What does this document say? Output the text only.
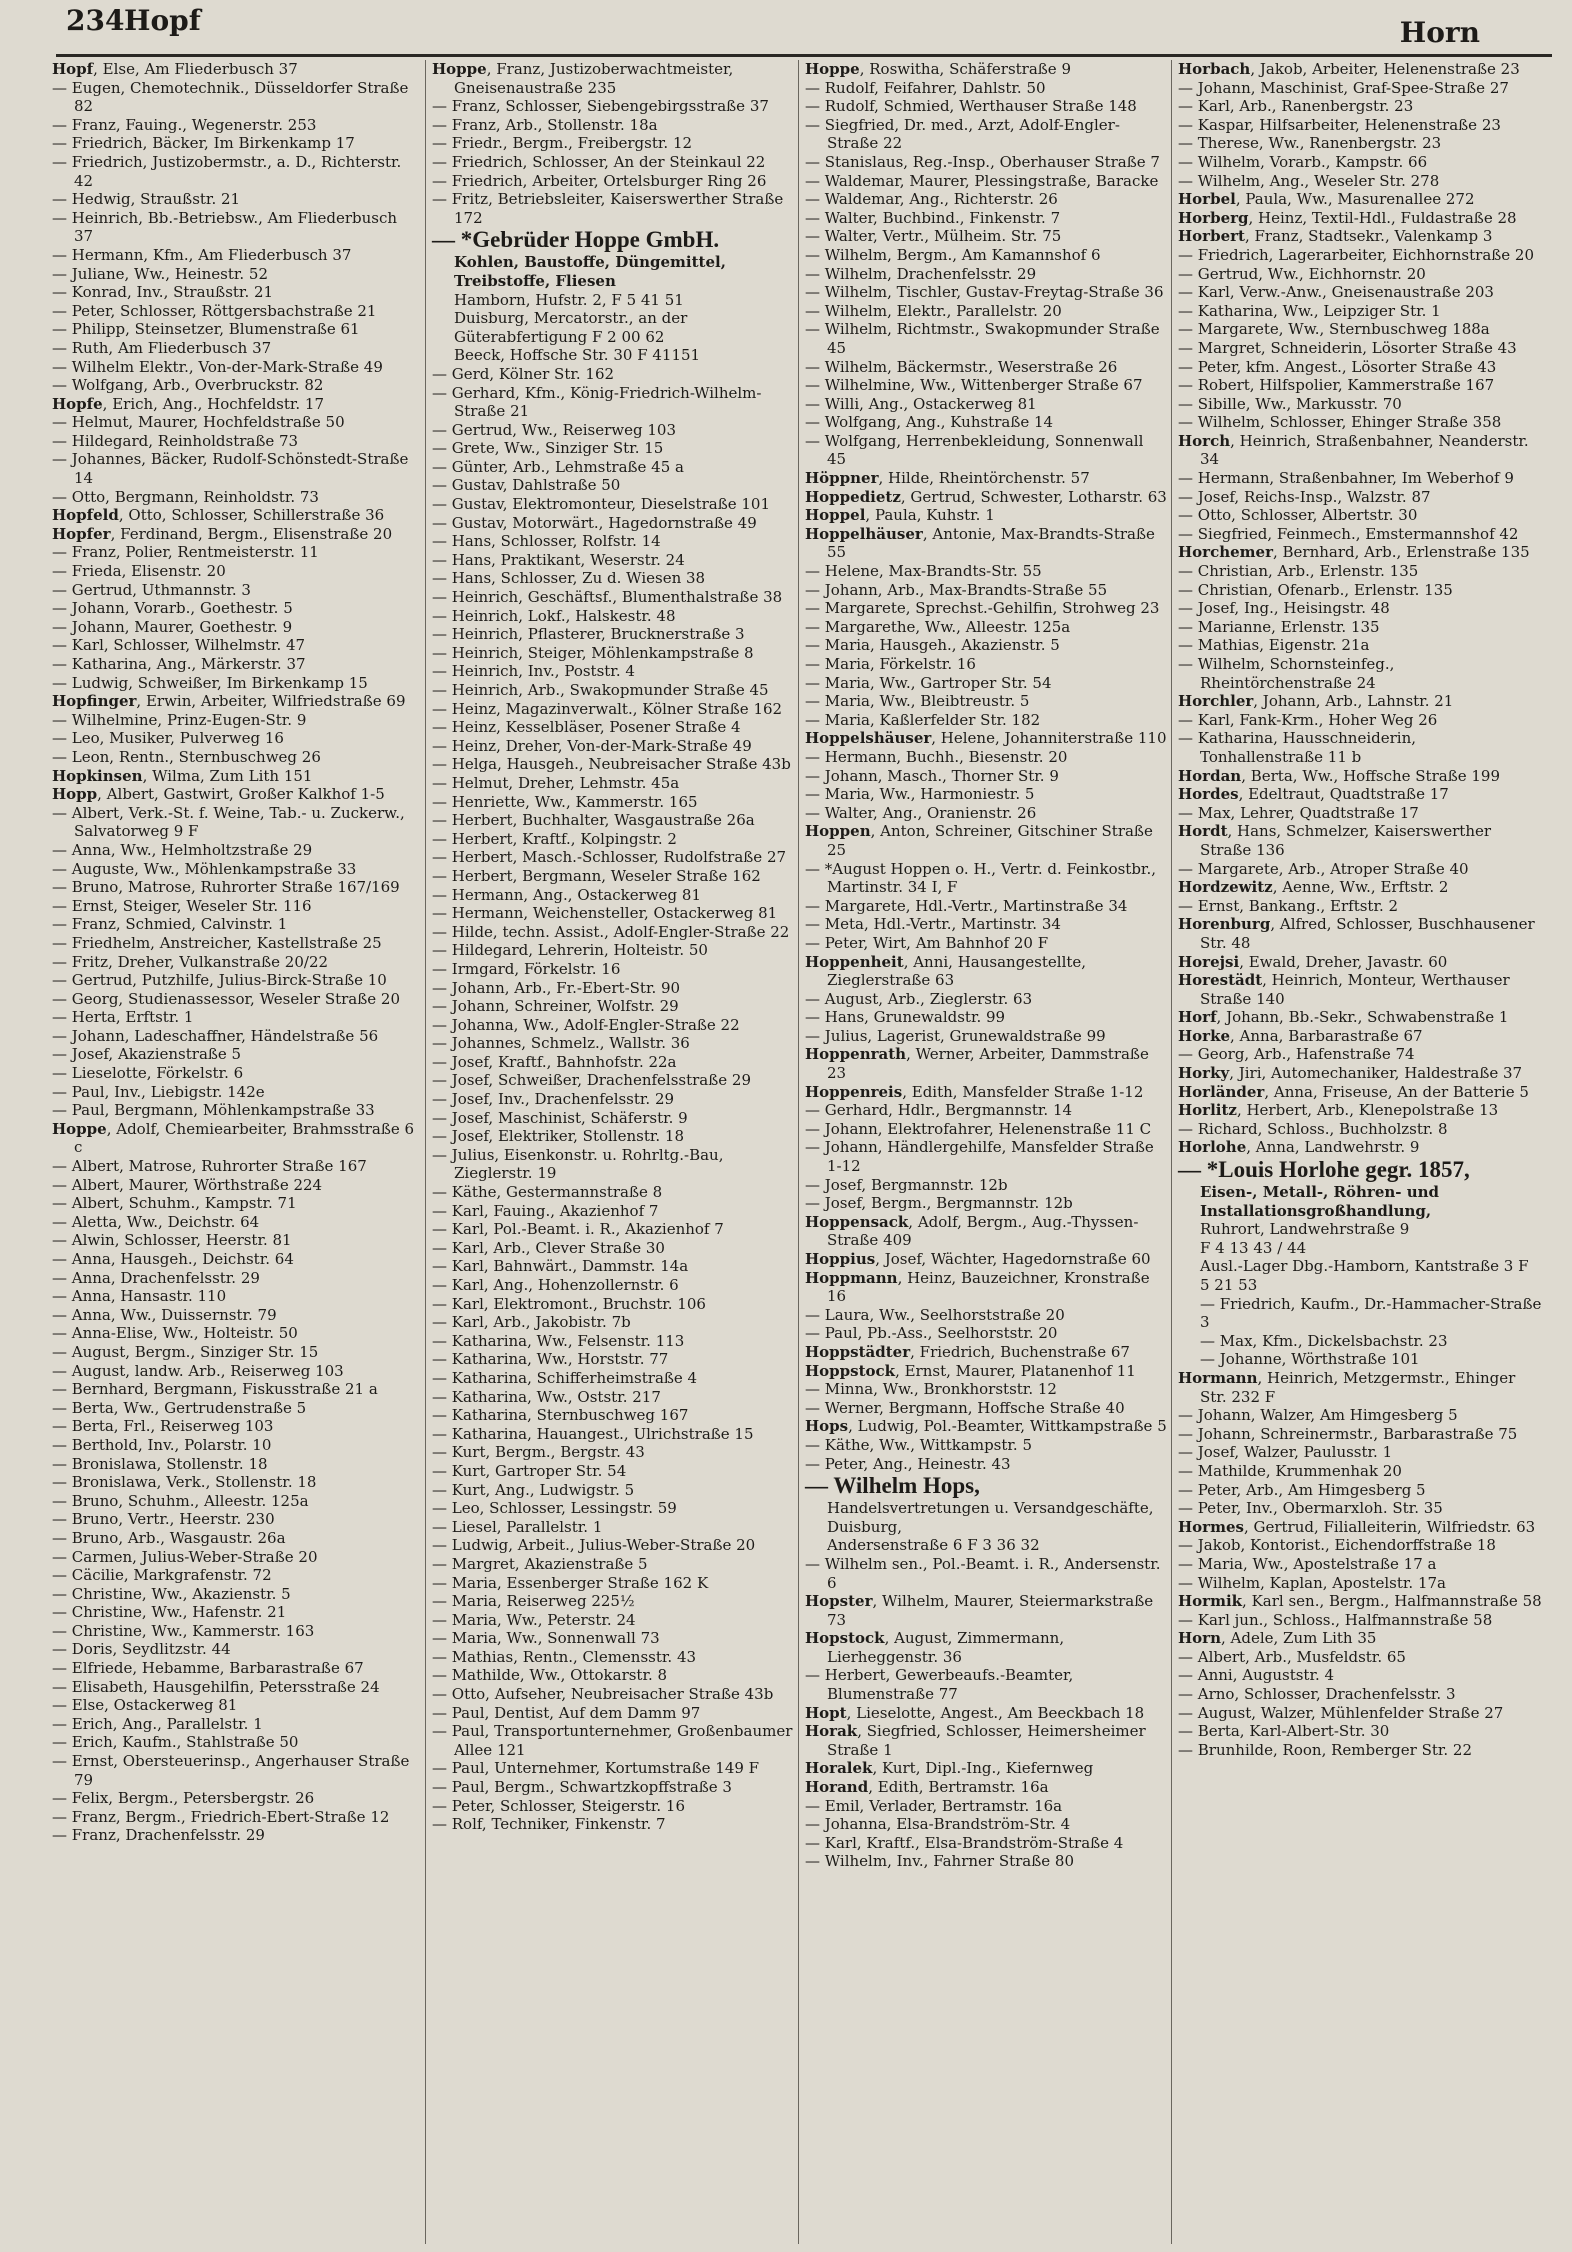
234 Hopf	Horn

Hopf, Else, Am Fliederbusch 37

— Eugen, Chemotechnik., Düsseldorfer Straße 82

— Franz, Fauing., Wegenerstr. 253

— Friedrich, Bäcker, Im Birkenkamp 17

— Friedrich, Justizobermstr., a. D., Richterstr. 42

— Hedwig, Straußstr. 21

— Heinrich, Bb.-Betriebsw., Am Fliederbusch 37

— Hermann, Kfm., Am Fliederbusch 37

— Juliane, Ww., Heinestr. 52

— Konrad, Inv., Straußstr. 21

— Peter, Schlosser, Röttgersbachstraße 21

— Philipp, Steinsetzer, Blumenstraße 61

— Ruth, Am Fliederbusch 37

— Wilhelm Elektr., Von-der-Mark-Straße 49

— Wolfgang, Arb., Overbruckstr. 82

Hopfe, Erich, Ang., Hochfeldstr. 17

— Helmut, Maurer, Hochfeldstraße 50

— Hildegard, Reinholdstraße 73

— Johannes, Bäcker, Rudolf-Schönstedt-Straße 14

— Otto, Bergmann, Reinholdstr. 73

Hopfeld, Otto, Schlosser, Schillerstraße 36

Hopfer, Ferdinand, Bergm., Elisenstraße 20

— Franz, Polier, Rentmeisterstr. 11

— Frieda, Elisenstr. 20

— Gertrud, Uthmannstr. 3

— Johann, Vorarb., Goethestr. 5

— Johann, Maurer, Goethestr. 9

— Karl, Schlosser, Wilhelmstr. 47

— Katharina, Ang., Märkerstr. 37

— Ludwig, Schweißer, Im Birkenkamp 15

Hopfinger, Erwin, Arbeiter, Wilfriedstraße 69

— Wilhelmine, Prinz-Eugen-Str. 9

— Leo, Musiker, Pulverweg 16

— Leon, Rentn., Sternbuschweg 26

Hopkinsen, Wilma, Zum Lith 151

Hopp, Albert, Gastwirt, Großer Kalkhof 1-5

— Albert, Verk.-St. f. Weine, Tab.- u. Zuckerw., Salvatorweg 9 F

— Anna, Ww., Helmholtzstraße 29

— Auguste, Ww., Möhlenkampstraße 33

— Bruno, Matrose, Ruhrorter Straße 167/169

— Ernst, Steiger, Weseler Str. 116

— Franz, Schmied, Calvinstr. 1

— Friedhelm, Anstreicher, Kastellstraße 25

— Fritz, Dreher, Vulkanstraße 20/22

— Gertrud, Putzhilfe, Julius-Birck-Straße 10

— Georg, Studienassessor, Weseler Straße 20

— Herta, Erftstr. 1

— Johann, Ladeschaffner, Händelstraße 56

— Josef, Akazienstraße 5

— Lieselotte, Förkelstr. 6

— Paul, Inv., Liebigstr. 142e

— Paul, Bergmann, Möhlenkampstraße 33

Hoppe, Adolf, Chemiearbeiter, Brahmsstraße 6 c

— Albert, Matrose, Ruhrorter Straße 167

— Albert, Maurer, Wörthstraße 224

— Albert, Schuhm., Kampstr. 71

— Aletta, Ww., Deichstr. 64

— Alwin, Schlosser, Heerstr. 81

— Anna, Hausgeh., Deichstr. 64

— Anna, Drachenfelsstr. 29

— Anna, Hansastr. 110

— Anna, Ww., Duissernstr. 79

— Anna-Elise, Ww., Holteistr. 50

— August, Bergm., Sinziger Str. 15

— August, landw. Arb., Reiserweg 103

— Bernhard, Bergmann, Fiskusstraße 21 a

— Berta, Ww., Gertrudenstraße 5

— Berta, Frl., Reiserweg 103

— Berthold, Inv., Polarstr. 10

— Bronislawa, Stollenstr. 18

— Bronislawa, Verk., Stollenstr. 18

— Bruno, Schuhm., Alleestr. 125a

— Bruno, Vertr., Heerstr. 230

— Bruno, Arb., Wasgaustr. 26a

— Carmen, Julius-Weber-Straße 20

— Cäcilie, Markgrafenstr. 72

— Christine, Ww., Akazienstr. 5

— Christine, Ww., Hafenstr. 21

— Christine, Ww., Kammerstr. 163

— Doris, Seydlitzstr. 44

— Elfriede, Hebamme, Barbarastraße 67

— Elisabeth, Hausgehilfin, Petersstraße 24

— Else, Ostackerweg 81

— Erich, Ang., Parallelstr. 1

— Erich, Kaufm., Stahlstraße 50

— Ernst, Obersteuerinsp., Angerhauser Straße 79

— Felix, Bergm., Petersbergstr. 26

— Franz, Bergm., Friedrich-Ebert-Straße 12

— Franz, Drachenfelsstr. 29

Hoppe, Franz, Justizoberwachtmeister, Gneisenaustraße 235

— Franz, Schlosser, Siebengebirgsstraße 37

— Franz, Arb., Stollenstr. 18a

— Friedr., Bergm., Freibergstr. 12

— Friedrich, Schlosser, An der Steinkaul 22

— Friedrich, Arbeiter, Ortelsburger Ring 26

— Fritz, Betriebsleiter, Kaiserswerther Straße 172

— *Gebrüder Hoppe GmbH.
Kohlen, Baustoffe, Düngemittel, Treibstoffe, Fliesen
Hamborn, Hufstr. 2, F 5 41 51
Duisburg, Mercatorstr., an der Güterabfertigung F 2 00 62
Beeck, Hoffsche Str. 30 F 41151

— Gerd, Kölner Str. 162

— Gerhard, Kfm., König-Friedrich-Wilhelm-Straße 21

— Gertrud, Ww., Reiserweg 103

— Grete, Ww., Sinziger Str. 15

— Günter, Arb., Lehmstraße 45 a

— Gustav, Dahlstraße 50

— Gustav, Elektromonteur, Dieselstraße 101

— Gustav, Motorwärt., Hagedornstraße 49

— Hans, Schlosser, Rolfstr. 14

— Hans, Praktikant, Weserstr. 24

— Hans, Schlosser, Zu d. Wiesen 38

— Heinrich, Geschäftsf., Blumenthalstraße 38

— Heinrich, Lokf., Halskestr. 48

— Heinrich, Pflasterer, Brucknerstraße 3

— Heinrich, Steiger, Möhlenkampstraße 8

— Heinrich, Inv., Poststr. 4

— Heinrich, Arb., Swakopmunder Straße 45

— Heinz, Magazinverwalt., Kölner Straße 162

— Heinz, Kesselbläser, Posener Straße 4

— Heinz, Dreher, Von-der-Mark-Straße 49

— Helga, Hausgeh., Neubreisacher Straße 43b

— Helmut, Dreher, Lehmstr. 45a

— Henriette, Ww., Kammerstr. 165

— Herbert, Buchhalter, Wasgaustraße 26a

— Herbert, Kraftf., Kolpingstr. 2

— Herbert, Masch.-Schlosser, Rudolfstraße 27

— Herbert, Bergmann, Weseler Straße 162

— Hermann, Ang., Ostackerweg 81

— Hermann, Weichensteller, Ostackerweg 81

— Hilde, techn. Assist., Adolf-Engler-Straße 22

— Hildegard, Lehrerin, Holteistr. 50

— Irmgard, Förkelstr. 16

— Johann, Arb., Fr.-Ebert-Str. 90

— Johann, Schreiner, Wolfstr. 29

— Johanna, Ww., Adolf-Engler-Straße 22

— Johannes, Schmelz., Wallstr. 36

— Josef, Kraftf., Bahnhofstr. 22a

— Josef, Schweißer, Drachenfelsstraße 29

— Josef, Inv., Drachenfelsstr. 29

— Josef, Maschinist, Schäferstr. 9

— Josef, Elektriker, Stollenstr. 18

— Julius, Eisenkonstr. u. Rohrltg.-Bau, Zieglerstr. 19

— Käthe, Gestermannstraße 8

— Karl, Fauing., Akazienhof 7

— Karl, Pol.-Beamt. i. R., Akazienhof 7

— Karl, Arb., Clever Straße 30

— Karl, Bahnwärt., Dammstr. 14a

— Karl, Ang., Hohenzollernstr. 6

— Karl, Elektromont., Bruchstr. 106

— Karl, Arb., Jakobistr. 7b

— Katharina, Ww., Felsenstr. 113

— Katharina, Ww., Horststr. 77

— Katharina, Schifferheimstraße 4

— Katharina, Ww., Oststr. 217

— Katharina, Sternbuschweg 167

— Katharina, Hauangest., Ulrichstraße 15

— Kurt, Bergm., Bergstr. 43

— Kurt, Gartroper Str. 54

— Kurt, Ang., Ludwigstr. 5

— Leo, Schlosser, Lessingstr. 59

— Liesel, Parallelstr. 1

— Ludwig, Arbeit., Julius-Weber-Straße 20

— Margret, Akazienstraße 5

— Maria, Essenberger Straße 162 K

— Maria, Reiserweg 225½

— Maria, Ww., Peterstr. 24

— Maria, Ww., Sonnenwall 73

— Mathias, Rentn., Clemensstr. 43

— Mathilde, Ww., Ottokarstr. 8

— Otto, Aufseher, Neubreisacher Straße 43b

— Paul, Dentist, Auf dem Damm 97

— Paul, Transportunternehmer, Großenbaumer Allee 121

— Paul, Unternehmer, Kortumstraße 149 F

— Paul, Bergm., Schwartzkopffstraße 3

— Peter, Schlosser, Steigerstr. 16

— Rolf, Techniker, Finkenstr. 7

Hoppe, Roswitha, Schäferstraße 9

— Rudolf, Feifahrer, Dahlstr. 50

— Rudolf, Schmied, Werthauser Straße 148

— Siegfried, Dr. med., Arzt, Adolf-Engler-Straße 22

— Stanislaus, Reg.-Insp., Oberhauser Straße 7

— Waldemar, Maurer, Plessingstraße, Baracke

— Waldemar, Ang., Richterstr. 26

— Walter, Buchbind., Finkenstr. 7

— Walter, Vertr., Mülheim. Str. 75

— Wilhelm, Bergm., Am Kamannshof 6

— Wilhelm, Drachenfelsstr. 29

— Wilhelm, Tischler, Gustav-Freytag-Straße 36

— Wilhelm, Elektr., Parallelstr. 20

— Wilhelm, Richtmstr., Swakopmunder Straße 45

— Wilhelm, Bäckermstr., Weserstraße 26

— Wilhelmine, Ww., Wittenberger Straße 67

— Willi, Ang., Ostackerweg 81

— Wolfgang, Ang., Kuhstraße 14

— Wolfgang, Herrenbekleidung, Sonnenwall 45

Höppner, Hilde, Rheintörchenstr. 57

Hoppedietz, Gertrud, Schwester, Lotharstr. 63

Hoppel, Paula, Kuhstr. 1

Hoppelhäuser, Antonie, Max-Brandts-Straße 55

— Helene, Max-Brandts-Str. 55

— Johann, Arb., Max-Brandts-Straße 55

— Margarete, Sprechst.-Gehilfin, Strohweg 23

— Margarethe, Ww., Alleestr. 125a

— Maria, Hausgeh., Akazienstr. 5

— Maria, Förkelstr. 16

— Maria, Ww., Gartroper Str. 54

— Maria, Ww., Bleibtreustr. 5

— Maria, Kaßlerfelder Str. 182

Hoppelshäuser, Helene, Johanniterstraße 110

— Hermann, Buchh., Biesenstr. 20

— Johann, Masch., Thorner Str. 9

— Maria, Ww., Harmoniestr. 5

— Walter, Ang., Oranienstr. 26

Hoppen, Anton, Schreiner, Gitschiner Straße 25

— *August Hoppen o. H., Vertr. d. Feinkostbr., Martinstr. 34 I, F

— Margarete, Hdl.-Vertr., Martinstraße 34

— Meta, Hdl.-Vertr., Martinstr. 34

— Peter, Wirt, Am Bahnhof 20 F

Hoppenheit, Anni, Hausangestellte, Zieglerstraße 63

— August, Arb., Zieglerstr. 63

— Hans, Grunewaldstr. 99

— Julius, Lagerist, Grunewaldstraße 99

Hoppenrath, Werner, Arbeiter, Dammstraße 23

Hoppenreis, Edith, Mansfelder Straße 1-12

— Gerhard, Hdlr., Bergmannstr. 14

— Johann, Elektrofahrer, Helenenstraße 11 C

— Johann, Händlergehilfe, Mansfelder Straße 1-12

— Josef, Bergmannstr. 12b

— Josef, Bergm., Bergmannstr. 12b

Hoppensack, Adolf, Bergm., Aug.-Thyssen-Straße 409

Hoppius, Josef, Wächter, Hagedornstraße 60

Hoppmann, Heinz, Bauzeichner, Kronstraße 16

— Laura, Ww., Seelhorststraße 20

— Paul, Pb.-Ass., Seelhorststr. 20

Hoppstädter, Friedrich, Buchenstraße 67

Hoppstock, Ernst, Maurer, Platanenhof 11

— Minna, Ww., Bronkhorststr. 12

— Werner, Bergmann, Hoffsche Straße 40

Hops, Ludwig, Pol.-Beamter, Wittkampstraße 5

— Käthe, Ww., Wittkampstr. 5

— Peter, Ang., Heinestr. 43

— Wilhelm Hops,
Handelsvertretungen u. Versandgeschäfte, Duisburg,
Andersenstraße 6 F 3 36 32

— Wilhelm sen., Pol.-Beamt. i. R., Andersenstr. 6

Hopster, Wilhelm, Maurer, Steiermarkstraße 73

Hopstock, August, Zimmermann, Lierheggenstr. 36

— Herbert, Gewerbeaufs.-Beamter, Blumenstraße 77

Hopt, Lieselotte, Angest., Am Beeckbach 18

Horak, Siegfried, Schlosser, Heimersheimer Straße 1

Horalek, Kurt, Dipl.-Ing., Kiefernweg

Horand, Edith, Bertramstr. 16a

— Emil, Verlader, Bertramstr. 16a

— Johanna, Elsa-Brandström-Str. 4

— Karl, Kraftf., Elsa-Brandström-Straße 4

— Wilhelm, Inv., Fahrner Straße 80

Horbach, Jakob, Arbeiter, Helenenstraße 23

— Johann, Maschinist, Graf-Spee-Straße 27

— Karl, Arb., Ranenbergstr. 23

— Kaspar, Hilfsarbeiter, Helenenstraße 23

— Therese, Ww., Ranenbergstr. 23

— Wilhelm, Vorarb., Kampstr. 66

— Wilhelm, Ang., Weseler Str. 278

Horbel, Paula, Ww., Masurenallee 272

Horberg, Heinz, Textil-Hdl., Fuldastraße 28

Horbert, Franz, Stadtsekr., Valenkamp 3

— Friedrich, Lagerarbeiter, Eichhornstraße 20

— Gertrud, Ww., Eichhornstr. 20

— Karl, Verw.-Anw., Gneisenaustraße 203

— Katharina, Ww., Leipziger Str. 1

— Margarete, Ww., Sternbuschweg 188a

— Margret, Schneiderin, Lösorter Straße 43

— Peter, kfm. Angest., Lösorter Straße 43

— Robert, Hilfspolier, Kammerstraße 167

— Sibille, Ww., Markusstr. 70

— Wilhelm, Schlosser, Ehinger Straße 358

Horch, Heinrich, Straßenbahner, Neanderstr. 34

— Hermann, Straßenbahner, Im Weberhof 9

— Josef, Reichs-Insp., Walzstr. 87

— Otto, Schlosser, Albertstr. 30

— Siegfried, Feinmech., Emstermannshof 42

Horchemer, Bernhard, Arb., Erlenstraße 135

— Christian, Arb., Erlenstr. 135

— Christian, Ofenarb., Erlenstr. 135

— Josef, Ing., Heisingstr. 48

— Marianne, Erlenstr. 135

— Mathias, Eigenstr. 21a

— Wilhelm, Schornsteinfeg., Rheintörchenstraße 24

Horchler, Johann, Arb., Lahnstr. 21

— Karl, Fank-Krm., Hoher Weg 26

— Katharina, Hausschneiderin, Tonhallenstraße 11 b

Hordan, Berta, Ww., Hoffsche Straße 199

Hordes, Edeltraut, Quadtstraße 17

— Max, Lehrer, Quadtstraße 17

Hordt, Hans, Schmelzer, Kaiserswerther Straße 136

— Margarete, Arb., Atroper Straße 40

Hordzewitz, Aenne, Ww., Erftstr. 2

— Ernst, Bankang., Erftstr. 2

Horenburg, Alfred, Schlosser, Buschhausener Str. 48

Horejsi, Ewald, Dreher, Javastr. 60

Horestädt, Heinrich, Monteur, Werthauser Straße 140

Horf, Johann, Bb.-Sekr., Schwabenstraße 1

Horke, Anna, Barbarastraße 67

— Georg, Arb., Hafenstraße 74

Horky, Jiri, Automechaniker, Haldestraße 37

Horländer, Anna, Friseuse, An der Batterie 5

Horlitz, Herbert, Arb., Klenepolstraße 13

— Richard, Schloss., Buchholzstr. 8

Horlohe, Anna, Landwehrstr. 9

— *Louis Horlohe gegr. 1857,
Eisen-, Metall-, Röhren- und Installationsgroßhandlung,
Ruhrort, Landwehrstraße 9
F 4 13 43 / 44
Ausl.-Lager Dbg.-Hamborn, Kantstraße 3 F 5 21 53
— Friedrich, Kaufm., Dr.-Hammacher-Straße 3
— Max, Kfm., Dickelsbachstr. 23
— Johanne, Wörthstraße 101

Hormann, Heinrich, Metzgermstr., Ehinger Str. 232 F

— Johann, Walzer, Am Himgesberg 5

— Johann, Schreinermstr., Barbarastraße 75

— Josef, Walzer, Paulusstr. 1

— Mathilde, Krummenhak 20

— Peter, Arb., Am Himgesberg 5

— Peter, Inv., Obermarxloh. Str. 35

Hormes, Gertrud, Filialleiterin, Wilfriedstr. 63

— Jakob, Kontorist., Eichendorffstraße 18

— Maria, Ww., Apostelstraße 17 a

— Wilhelm, Kaplan, Apostelstr. 17a

Hormik, Karl sen., Bergm., Halfmannstraße 58

— Karl jun., Schloss., Halfmannstraße 58

Horn, Adele, Zum Lith 35

— Albert, Arb., Musfeldstr. 65

— Anni, Auguststr. 4

— Arno, Schlosser, Drachenfelsstr. 3

— August, Walzer, Mühlenfelder Straße 27

— Berta, Karl-Albert-Str. 30

— Brunhilde, Roon, Remberger Str. 22
